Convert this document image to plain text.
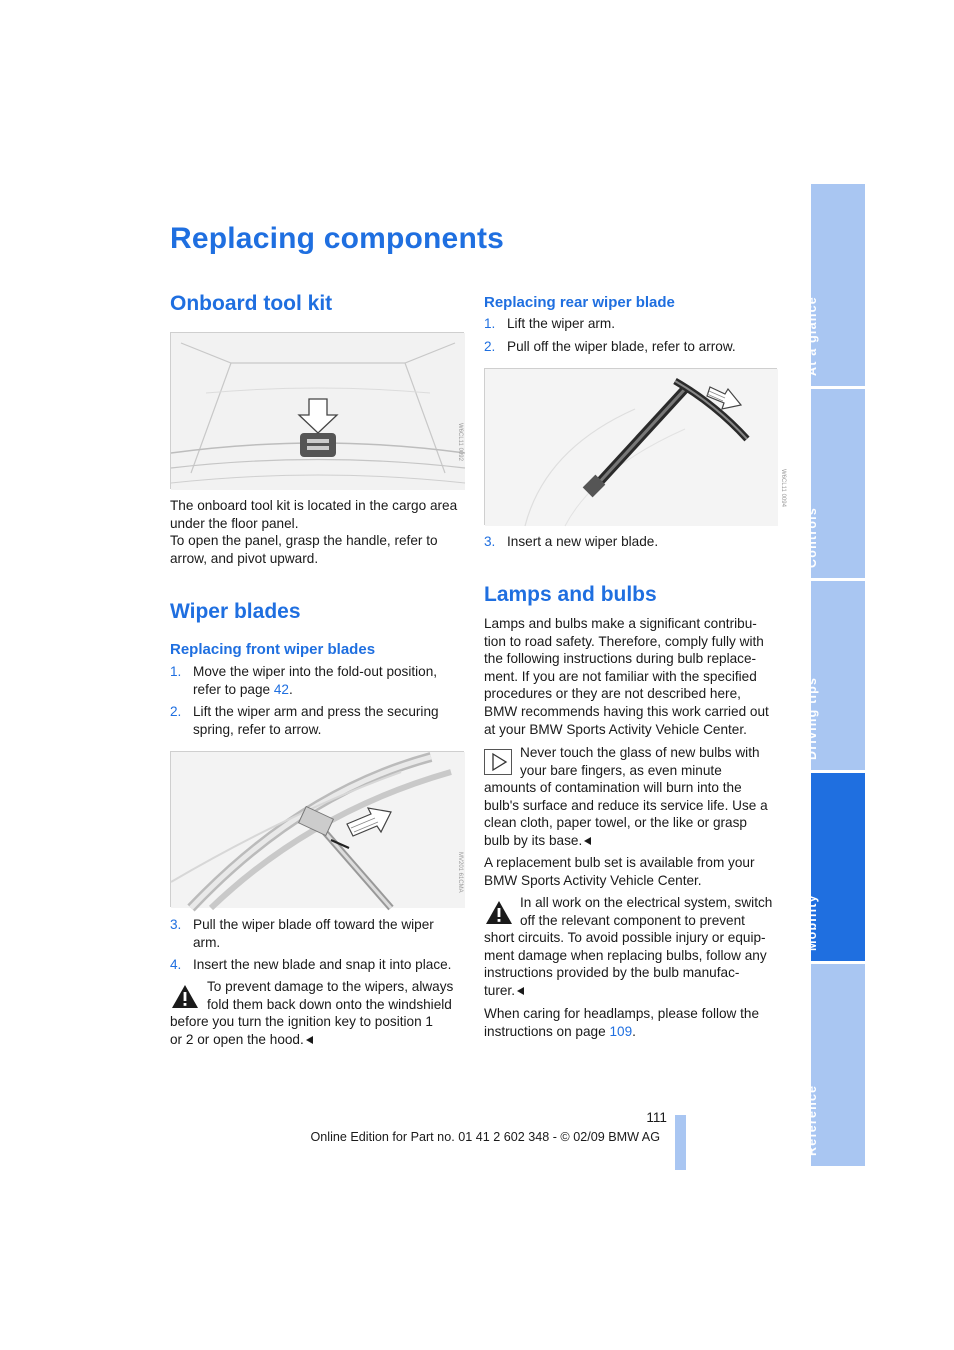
Replacing components
Onboard tool kit
W6CL11 0092

The onboard tool kit is located in the cargo area

under the floor panel.

To open the panel, grasp the handle, refer to

arrow, and pivot upward.

Wiper blades
Replacing front wiper blades
1. Move the wiper into the fold-out position,
refer to page 42.
2. Lift the wiper arm and press the securing
spring, refer to arrow.
MV201 61CMA
3. Pull the wiper blade off toward the wiper
arm.
4. Insert the new blade and snap it into place.

To prevent damage to the wipers, always

fold them back down onto the windshield

before you turn the ignition key to position 1

or 2 or open the hood.

Replacing rear wiper blade
1. Lift the wiper arm.
2. Pull off the wiper blade, refer to arrow.
W6CL11 0094
3. Insert a new wiper blade.
Lamps and bulbs

Lamps and bulbs make a significant contribu-

tion to road safety. Therefore, comply fully with

the following instructions during bulb replace-

ment. If you are not familiar with the specified

procedures or they are not described here,

BMW recommends having this work carried out

at your BMW Sports Activity Vehicle Center.

Never touch the glass of new bulbs with

your bare fingers, as even minute

amounts of contamination will burn into the

bulb's surface and reduce its service life. Use a

clean cloth, paper towel, or the like or grasp

bulb by its base.

A replacement bulb set is available from your

BMW Sports Activity Vehicle Center.

In all work on the electrical system, switch

off the relevant component to prevent

short circuits. To avoid possible injury or equip-

ment damage when replacing bulbs, follow any

instructions provided by the bulb manufac-

turer.

When caring for headlamps, please follow the

instructions on page 109.

At a glance
Controls
Driving tips
Mobility
Reference
111
Online Edition for Part no. 01 41 2 602 348 - © 02/09 BMW AG
